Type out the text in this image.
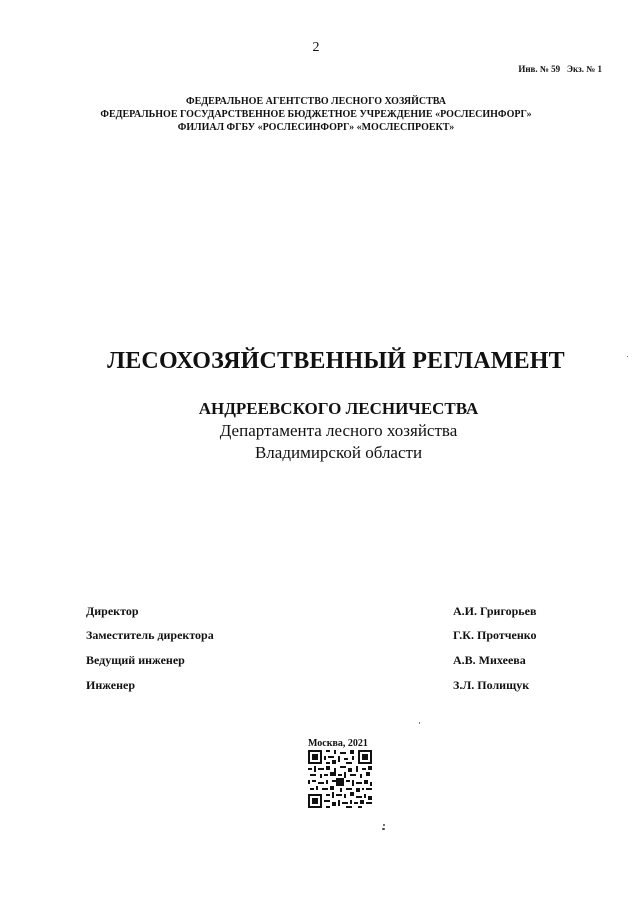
2
Инв. № 59   Экз. № 1
ФЕДЕРАЛЬНОЕ АГЕНТСТВО ЛЕСНОГО ХОЗЯЙСТВА
ФЕДЕРАЛЬНОЕ ГОСУДАРСТВЕННОЕ БЮДЖЕТНОЕ УЧРЕЖДЕНИЕ «РОСЛЕСИНФОРГ»
ФИЛИАЛ ФГБУ «РОСЛЕСИНФОРГ» «МОСЛЕСПРОЕКТ»
ЛЕСОХОЗЯЙСТВЕННЫЙ РЕГЛАМЕНТ
АНДРЕЕВСКОГО ЛЕСНИЧЕСТВА
Департамента лесного хозяйства
Владимирской области
Директор	А.И. Григорьев
Заместитель директора	Г.К. Протченко
Ведущий инженер	А.В. Михеева
Инженер	З.Л. Полищук
Москва, 2021
